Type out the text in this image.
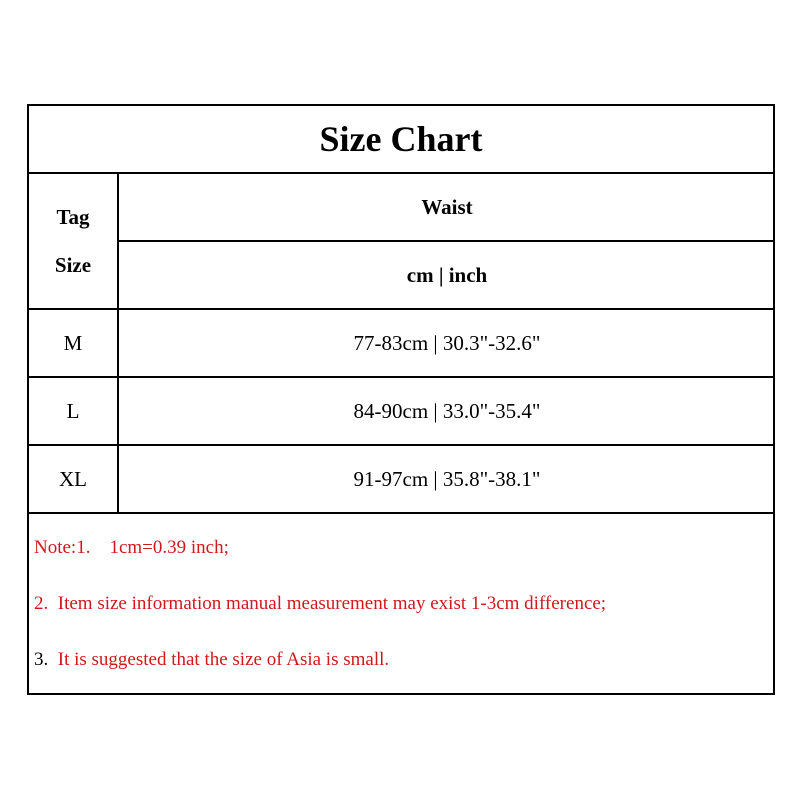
Size Chart
Tag
Size
Waist
cm | inch
M	77-83cm | 30.3"-32.6"
L	84-90cm | 33.0"-35.4"
XL	91-97cm | 35.8"-38.1"
Note:1.    1cm=0.39 inch;
2.  Item size information manual measurement may exist 1-3cm difference;
3.  It is suggested that the size of Asia is small.
